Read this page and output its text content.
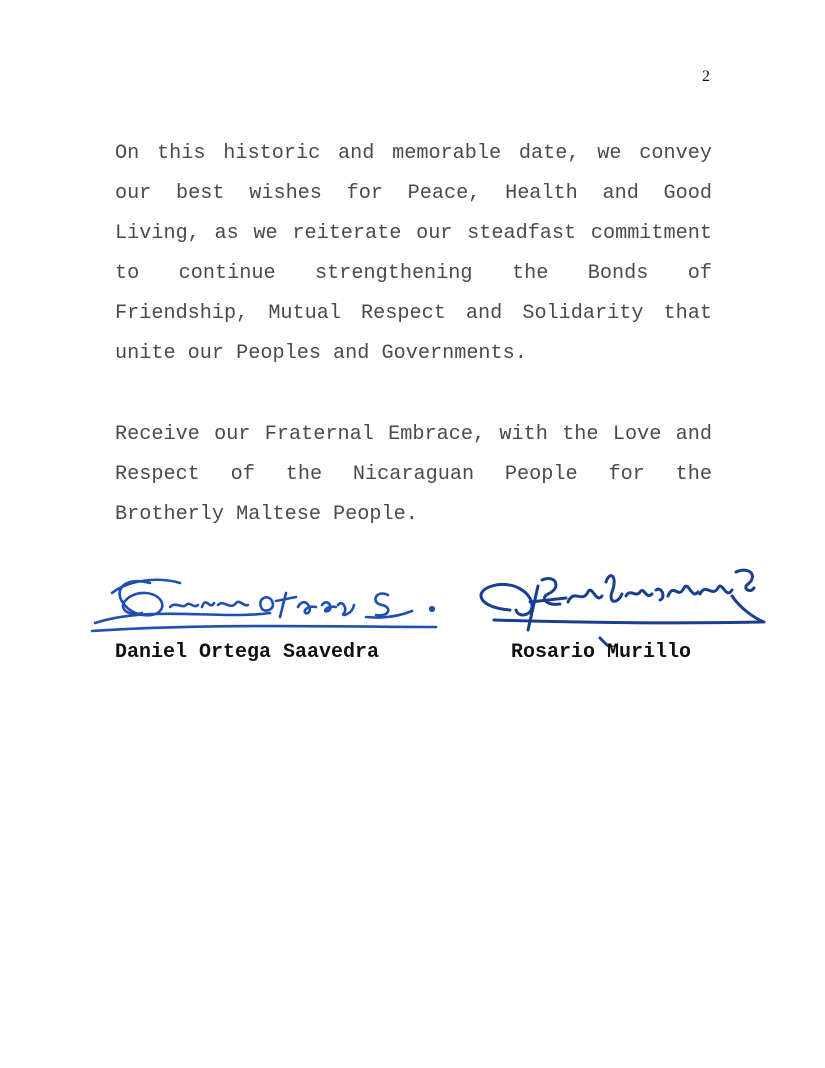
2

On this historic and memorable date, we convey our best wishes for Peace, Health and Good Living, as we reiterate our steadfast commitment to continue strengthening the Bonds of Friendship, Mutual Respect and Solidarity that unite our Peoples and Governments.

Receive our Fraternal Embrace, with the Love and Respect of the Nicaraguan People for the Brotherly Maltese People.

Daniel Ortega Saavedra	Rosario Murillo
